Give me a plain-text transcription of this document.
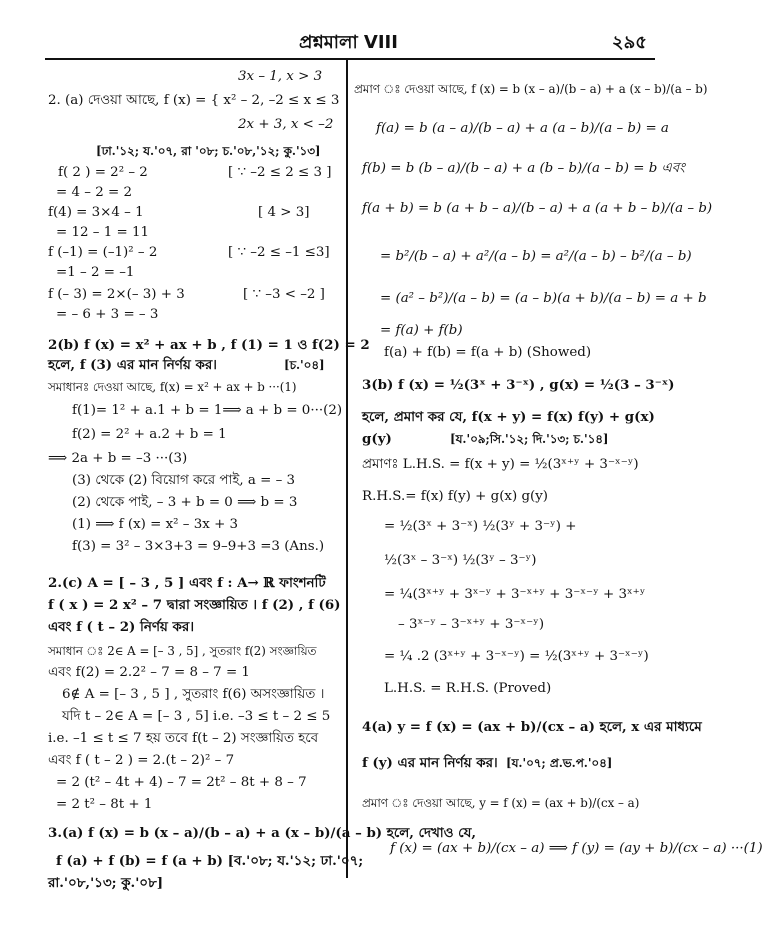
প্রশ্নমালা VIII	২৯৫
3x – 1, x > 3
2. (a) দেওয়া আছে, f (x) = { x² – 2, –2 ≤ x ≤ 3
2x + 3, x < –2
[ঢা.'১২; য.'০৭, রা '০৮; চ.'০৮,'১২; কু.'১৩]
f( 2 ) = 2² – 2	[ ∵ –2 ≤ 2 ≤ 3 ]
= 4 – 2 = 2
f(4) = 3×4 – 1	[ 4 > 3]
= 12 – 1 = 11
f (–1) = (–1)² – 2	[ ∵ –2 ≤ –1 ≤3]
=1 – 2 = –1
f (– 3) = 2×(– 3) + 3	[ ∵ –3 < –2 ]
= – 6 + 3 = – 3
2(b) f (x) = x² + ax + b , f (1) = 1 ও f(2) = 2
হলে, f (3) এর মান নির্ণয় কর।	[চ.'০৪]
সমাধানঃ দেওয়া আছে, f(x) = x² + ax + b ···(1)
f(1)= 1² + a.1 + b = 1⟹ a + b = 0···(2)
f(2) = 2² + a.2 + b = 1
⟹ 2a + b = –3 ···(3)
(3) থেকে (2) বিয়োগ করে পাই, a = – 3
(2) থেকে পাই, – 3 + b = 0 ⟹ b = 3
(1) ⟹ f (x) = x² – 3x + 3
f(3) = 3² – 3×3+3 = 9–9+3 =3 (Ans.)
2.(c) A = [ – 3 , 5 ] এবং f : A→ ℝ ফাংশনটি
f ( x ) = 2 x² – 7 দ্বারা সংজ্ঞায়িত । f (2) , f (6)
এবং f ( t – 2) নির্ণয় কর।
সমাধান ঃ 2∈ A = [– 3 , 5] , সুতরাং f(2) সংজ্ঞায়িত
এবং f(2) = 2.2² – 7 = 8 – 7 = 1
6∉ A = [– 3 , 5 ] , সুতরাং f(6) অসংজ্ঞায়িত ।
যদি t – 2∈ A = [– 3 , 5] i.e. –3 ≤ t – 2 ≤ 5
i.e. –1 ≤ t ≤ 7 হয় তবে f(t – 2) সংজ্ঞায়িত হবে
এবং f ( t – 2 ) = 2.(t – 2)² – 7
= 2 (t² – 4t + 4) – 7 = 2t² – 8t + 8 – 7
= 2 t² – 8t + 1
3.(a) f (x) = b (x – a)/(b – a) + a (x – b)/(a – b) হলে, দেখাও যে,
f (a) + f (b) = f (a + b) [ব.'০৮; য.'১২; ঢা.'০৭;
রা.'০৮,'১৩; কু.'০৮]
প্রমাণ ঃ দেওয়া আছে, f (x) = b (x – a)/(b – a) + a (x – b)/(a – b)
f(a) = b (a – a)/(b – a) + a (a – b)/(a – b) = a
f(b) = b (b – a)/(b – a) + a (b – b)/(a – b) = b এবং
f(a + b) = b (a + b – a)/(b – a) + a (a + b – b)/(a – b)
= b²/(b – a) + a²/(a – b) = a²/(a – b) – b²/(a – b)
= (a² – b²)/(a – b) = (a – b)(a + b)/(a – b) = a + b
= f(a) + f(b)
f(a) + f(b) = f(a + b) (Showed)
3(b) f (x) = ½(3ˣ + 3⁻ˣ) , g(x) = ½(3 – 3⁻ˣ)
হলে, প্রমাণ কর যে, f(x + y) = f(x) f(y) + g(x)
g(y)	[য.'০৯;সি.'১২; দি.'১৩; চ.'১৪]
প্রমাণঃ L.H.S. = f(x + y) = ½(3ˣ⁺ʸ + 3⁻ˣ⁻ʸ)
R.H.S.= f(x) f(y) + g(x) g(y)
= ½(3ˣ + 3⁻ˣ) ½(3ʸ + 3⁻ʸ) +
½(3ˣ – 3⁻ˣ) ½(3ʸ – 3⁻ʸ)
= ¼(3ˣ⁺ʸ + 3ˣ⁻ʸ + 3⁻ˣ⁺ʸ + 3⁻ˣ⁻ʸ + 3ˣ⁺ʸ
– 3ˣ⁻ʸ – 3⁻ˣ⁺ʸ + 3⁻ˣ⁻ʸ)
= ¼ .2 (3ˣ⁺ʸ + 3⁻ˣ⁻ʸ) = ½(3ˣ⁺ʸ + 3⁻ˣ⁻ʸ)
L.H.S. = R.H.S. (Proved)
4(a) y = f (x) = (ax + b)/(cx – a) হলে, x এর মাধ্যমে
f (y) এর মান নির্ণয় কর। [য.'০৭; প্র.ভ.প.'০৪]
প্রমাণ ঃ দেওয়া আছে, y = f (x) = (ax + b)/(cx – a)
f (x) = (ax + b)/(cx – a) ⟹ f (y) = (ay + b)/(cx – a) ···(1)
